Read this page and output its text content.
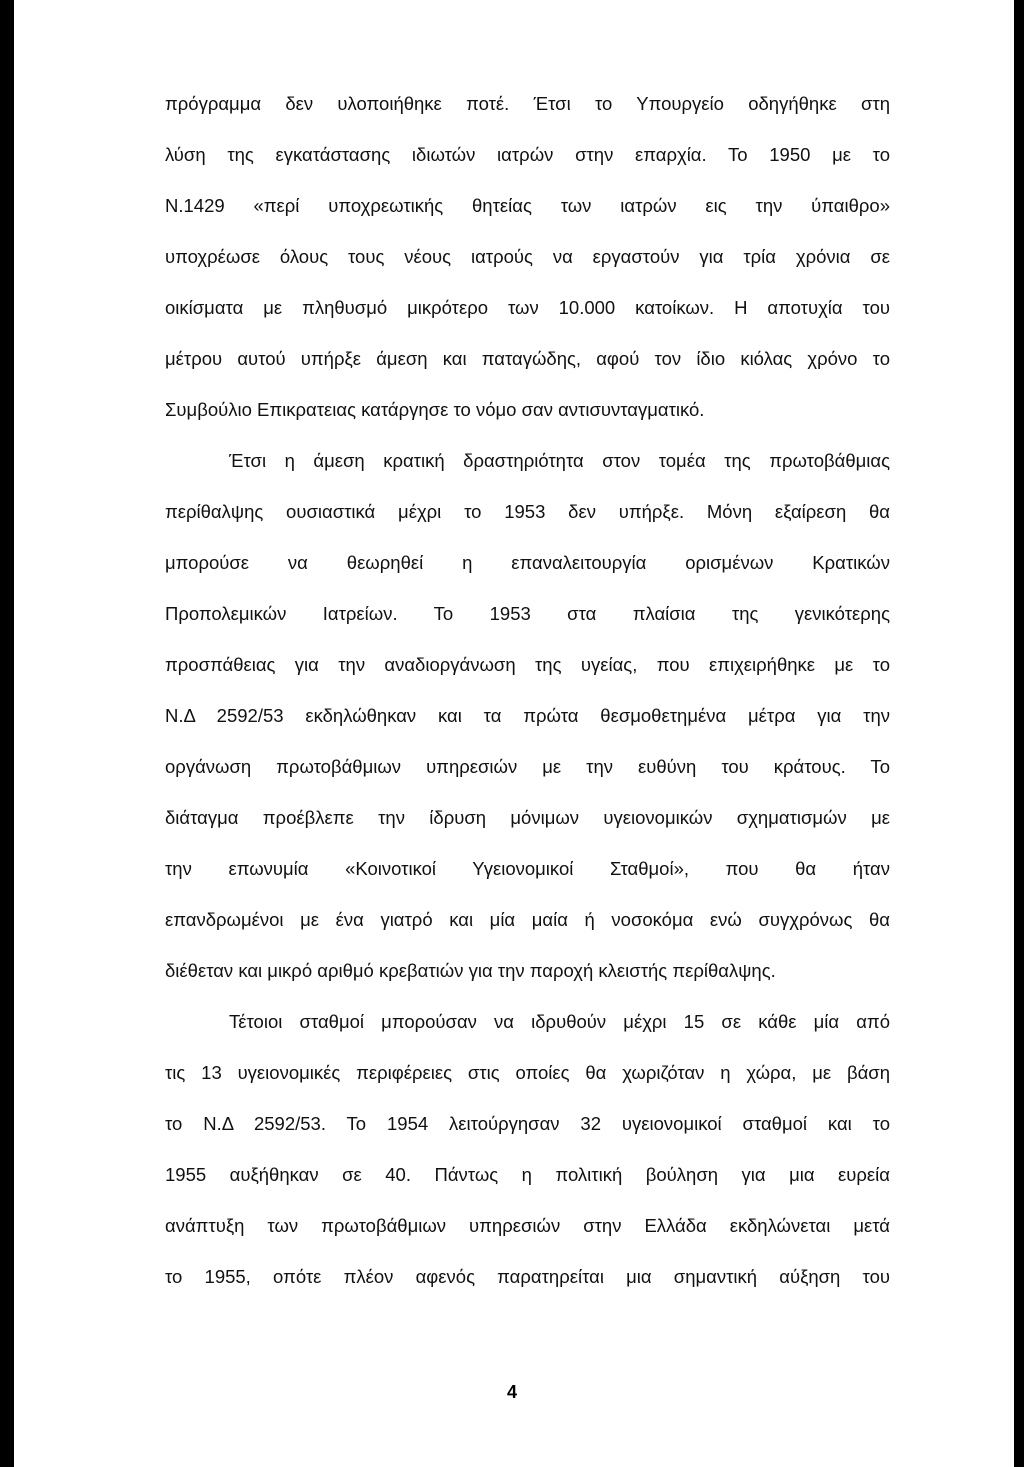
πρόγραμμα δεν υλοποιήθηκε ποτέ. Έτσι το Υπουργείο οδηγήθηκε στη

λύση της εγκατάστασης ιδιωτών ιατρών στην επαρχία. Το 1950 με το

Ν.1429 «περί υποχρεωτικής θητείας των ιατρών εις την ύπαιθρο»

υποχρέωσε όλους τους νέους ιατρούς να εργαστούν για τρία χρόνια σε

οικίσματα με πληθυσμό μικρότερο των 10.000 κατοίκων. Η αποτυχία του

μέτρου αυτού υπήρξε άμεση και παταγώδης, αφού τον ίδιο κιόλας χρόνο το

Συμβούλιο Επικρατειας κατάργησε το νόμο σαν αντισυνταγματικό.

Έτσι η άμεση κρατική δραστηριότητα στον τομέα της πρωτοβάθμιας

περίθαλψης ουσιαστικά μέχρι το 1953 δεν υπήρξε. Μόνη εξαίρεση θα

μπορούσε να θεωρηθεί η επαναλειτουργία ορισμένων Κρατικών

Προπολεμικών Ιατρείων. Το 1953 στα πλαίσια της γενικότερης

προσπάθειας για την αναδιοργάνωση της υγείας, που επιχειρήθηκε με το

Ν.Δ 2592/53 εκδηλώθηκαν και τα πρώτα θεσμοθετημένα μέτρα για την

οργάνωση πρωτοβάθμιων υπηρεσιών με την ευθύνη του κράτους. Το

διάταγμα προέβλεπε την ίδρυση μόνιμων υγειονομικών σχηματισμών με

την επωνυμία «Κοινοτικοί Υγειονομικοί Σταθμοί», που θα ήταν

επανδρωμένοι με ένα γιατρό και μία μαία ή νοσοκόμα ενώ συγχρόνως θα

διέθεταν και μικρό αριθμό κρεβατιών για την παροχή κλειστής περίθαλψης.

Τέτοιοι σταθμοί μπορούσαν να ιδρυθούν μέχρι 15 σε κάθε μία από

τις 13 υγειονομικές περιφέρειες στις οποίες θα χωριζόταν η χώρα, με βάση

το Ν.Δ 2592/53. Το 1954 λειτούργησαν 32 υγειονομικοί σταθμοί και το

1955 αυξήθηκαν σε 40. Πάντως η πολιτική βούληση για μια ευρεία

ανάπτυξη των πρωτοβάθμιων υπηρεσιών στην Ελλάδα εκδηλώνεται μετά

το 1955, οπότε πλέον αφενός παρατηρείται μια σημαντική αύξηση του

4
